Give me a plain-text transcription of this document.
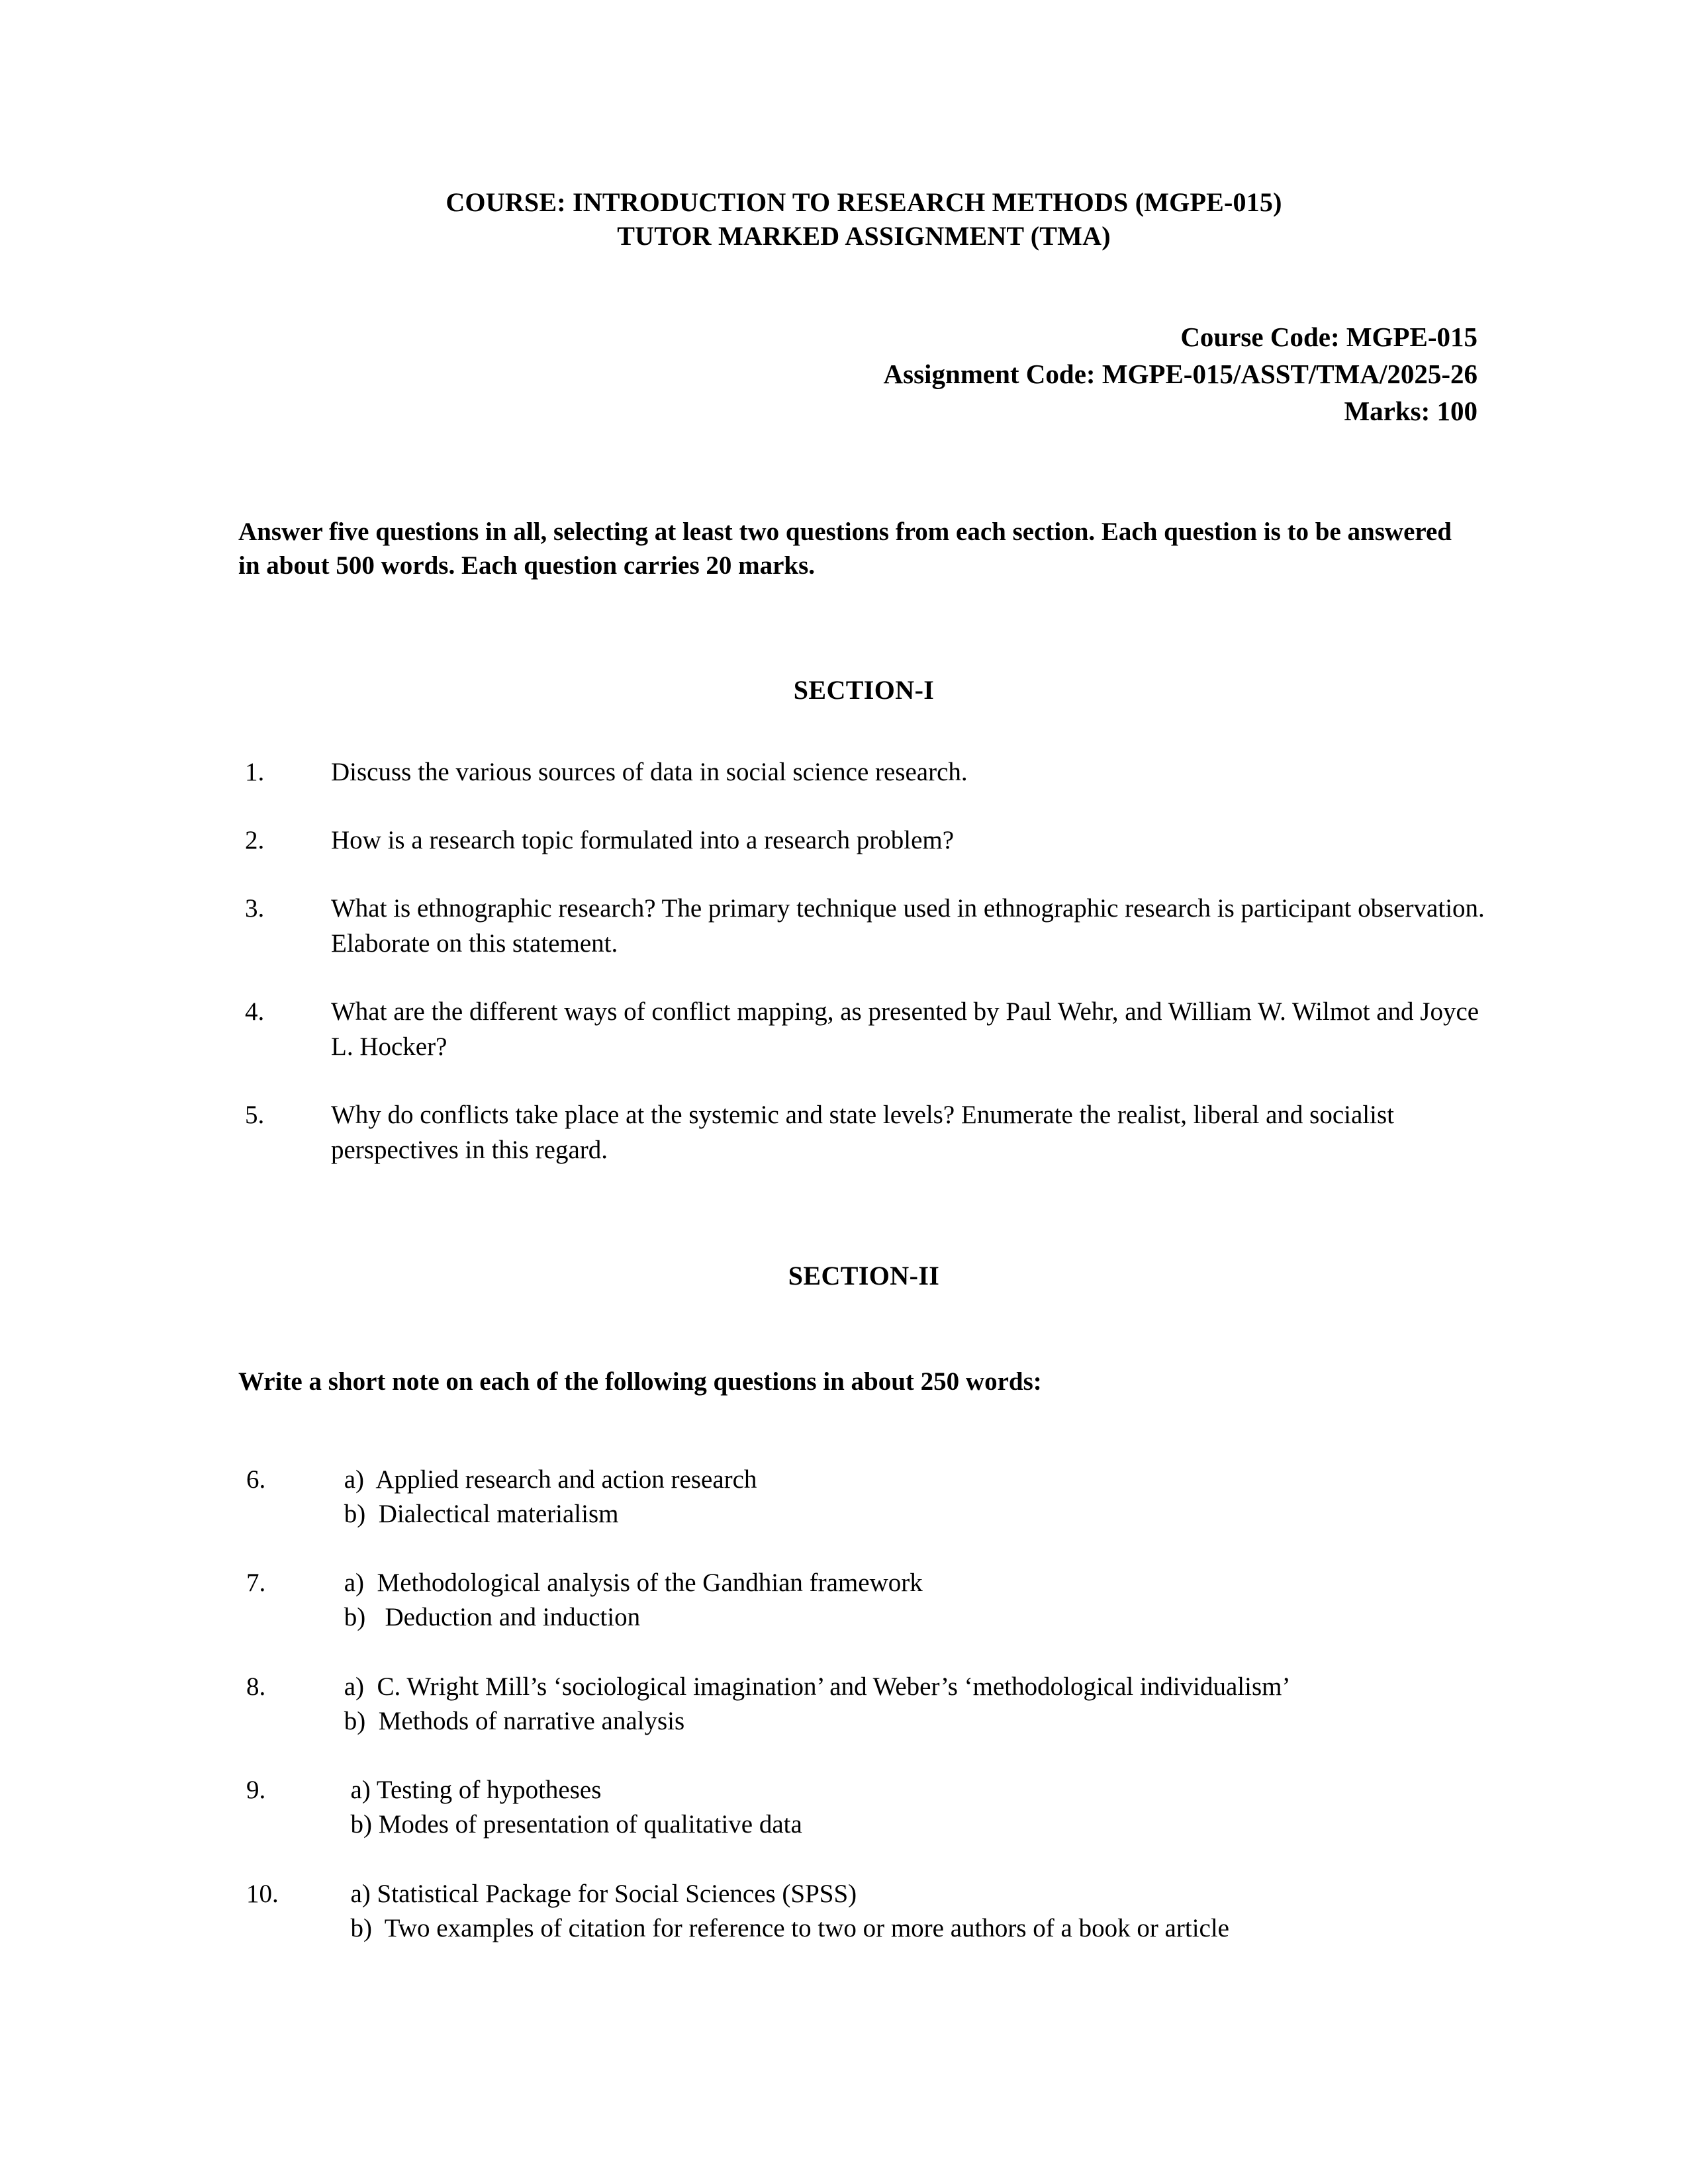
COURSE: INTRODUCTION TO RESEARCH METHODS (MGPE-015)
TUTOR MARKED ASSIGNMENT (TMA)
Course Code: MGPE-015
Assignment Code: MGPE-015/ASST/TMA/2025-26
Marks: 100
Answer five questions in all, selecting at least two questions from each section. Each question is to be answered in about 500 words. Each question carries 20 marks.
SECTION-I
1.	Discuss the various sources of data in social science research.
2.	How is a research topic formulated into a research problem?
3.	What is ethnographic research? The primary technique used in ethnographic research is participant observation. Elaborate on this statement.
4.	What are the different ways of conflict mapping, as presented by Paul Wehr, and William W. Wilmot and Joyce L. Hocker?
5.	Why do conflicts take place at the systemic and state levels? Enumerate the realist, liberal and socialist perspectives in this regard.
SECTION-II
Write a short note on each of the following questions in about 250 words:
6.	a)  Applied research and action research
b)  Dialectical materialism
7.	a)  Methodological analysis of the Gandhian framework
b)   Deduction and induction
8.	a)  C. Wright Mill’s ‘sociological imagination’ and Weber’s ‘methodological individualism’
b)  Methods of narrative analysis
9.	a) Testing of hypotheses
b) Modes of presentation of qualitative data
10.	a) Statistical Package for Social Sciences (SPSS)
b)  Two examples of citation for reference to two or more authors of a book or article
